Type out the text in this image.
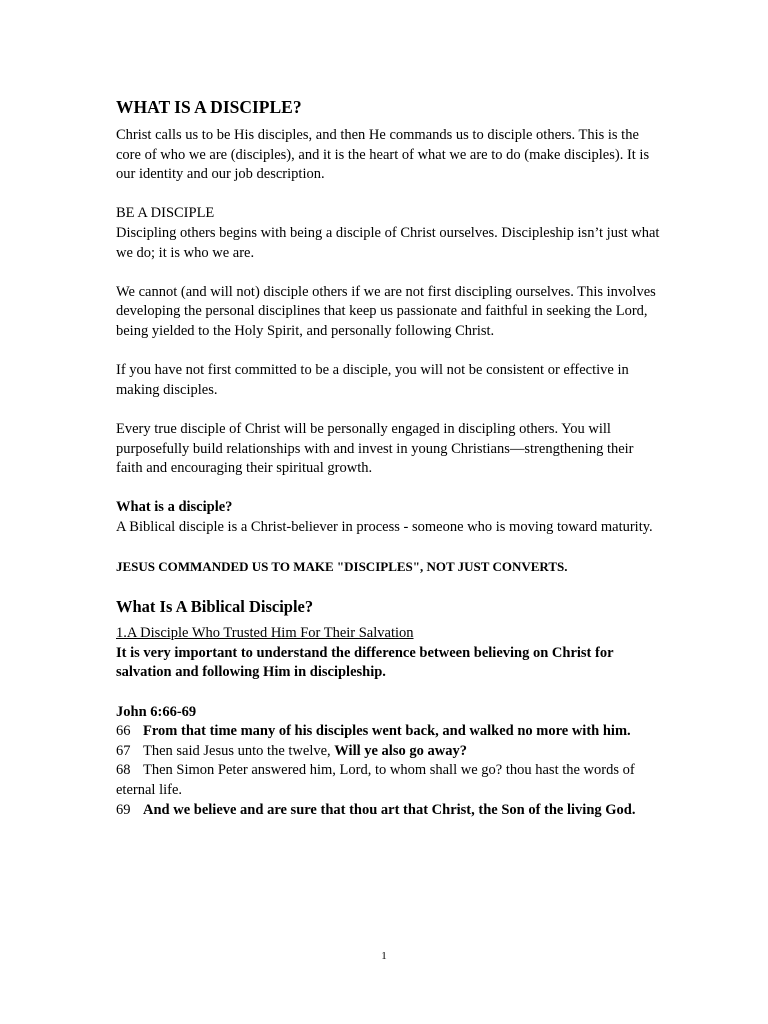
WHAT IS A DISCIPLE?

Christ calls us to be His disciples, and then He commands us to disciple others. This is the core of who we are (disciples), and it is the heart of what we are to do (make disciples). It is our identity and our job description.

BE A DISCIPLE

Discipling others begins with being a disciple of Christ ourselves. Discipleship isn’t just what we do; it is who we are.

We cannot (and will not) disciple others if we are not first discipling ourselves. This involves developing the personal disciplines that keep us passionate and faithful in seeking the Lord, being yielded to the Holy Spirit, and personally following Christ.

If you have not first committed to be a disciple, you will not be consistent or effective in making disciples.

Every true disciple of Christ will be personally engaged in discipling others. You will purposefully build relationships with and invest in young Christians—strengthening their faith and encouraging their spiritual growth.

What is a disciple?

A Biblical disciple is a Christ-believer in process - someone who is moving toward maturity.

JESUS COMMANDED US TO MAKE "DISCIPLES", NOT JUST CONVERTS.

What Is A Biblical Disciple?

1.A Disciple Who Trusted Him For Their Salvation

It is very important to understand the difference between believing on Christ for salvation and following Him in discipleship.

John 6:66-69

66 From that time many of his disciples went back, and walked no more with him.

67 Then said Jesus unto the twelve, Will ye also go away?

68 Then Simon Peter answered him, Lord, to whom shall we go? thou hast the words of eternal life.

69 And we believe and are sure that thou art that Christ, the Son of the living God.

1
